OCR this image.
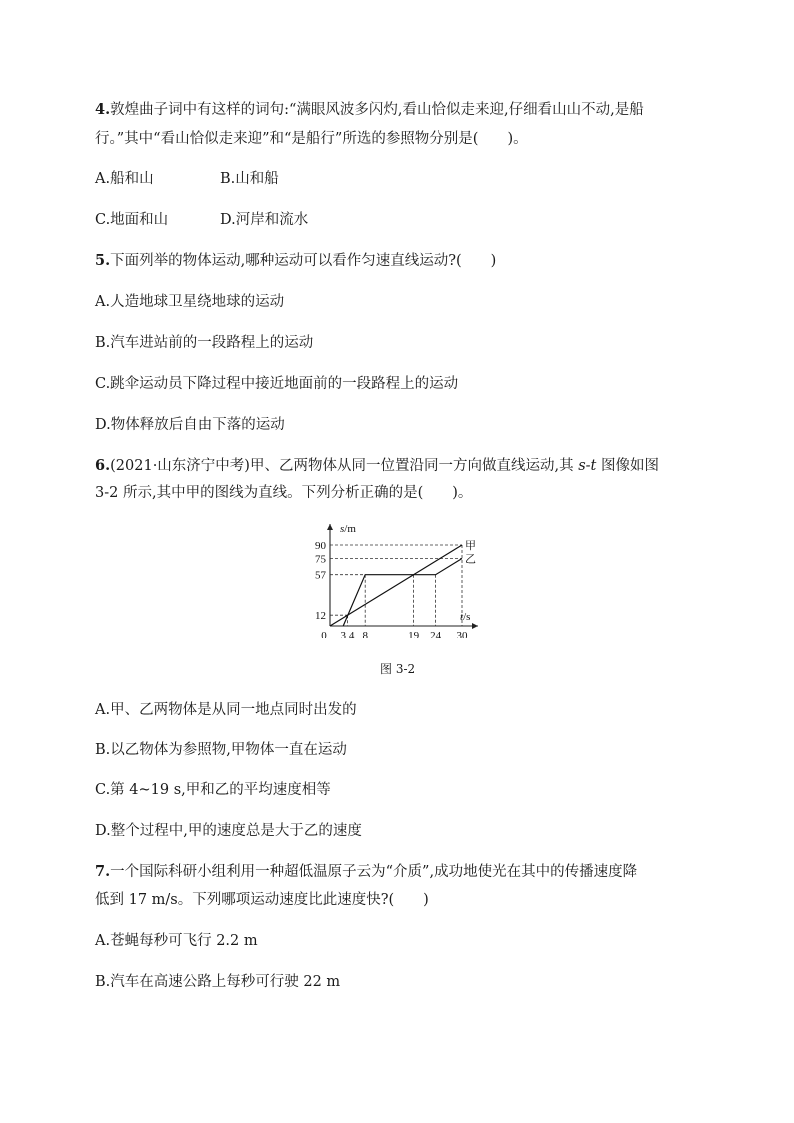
4.敦煌曲子词中有这样的词句:“满眼风波多闪灼,看山恰似走来迎,仔细看山山不动,是船
行。”其中“看山恰似走来迎”和“是船行”所选的参照物分别是(　　)。
A.船和山	B.山和船
C.地面和山	D.河岸和流水
5.下面列举的物体运动,哪种运动可以看作匀速直线运动?(　　)
A.人造地球卫星绕地球的运动
B.汽车进站前的一段路程上的运动
C.跳伞运动员下降过程中接近地面前的一段路程上的运动
D.物体释放后自由下落的运动
6.(2021·山东济宁中考)甲、乙两物体从同一位置沿同一方向做直线运动,其 s-t 图像如图
3-2 所示,其中甲的图线为直线。下列分析正确的是(　　)。
s/m
t/s
0 3 4 8	19 24 30
12
57
75
90	甲
乙
图 3-2
A.甲、乙两物体是从同一地点同时出发的
B.以乙物体为参照物,甲物体一直在运动
C.第 4~19 s,甲和乙的平均速度相等
D.整个过程中,甲的速度总是大于乙的速度
7.一个国际科研小组利用一种超低温原子云为“介质”,成功地使光在其中的传播速度降
低到 17 m/s。下列哪项运动速度比此速度快?(　　)
A.苍蝇每秒可飞行 2.2 m
B.汽车在高速公路上每秒可行驶 22 m
